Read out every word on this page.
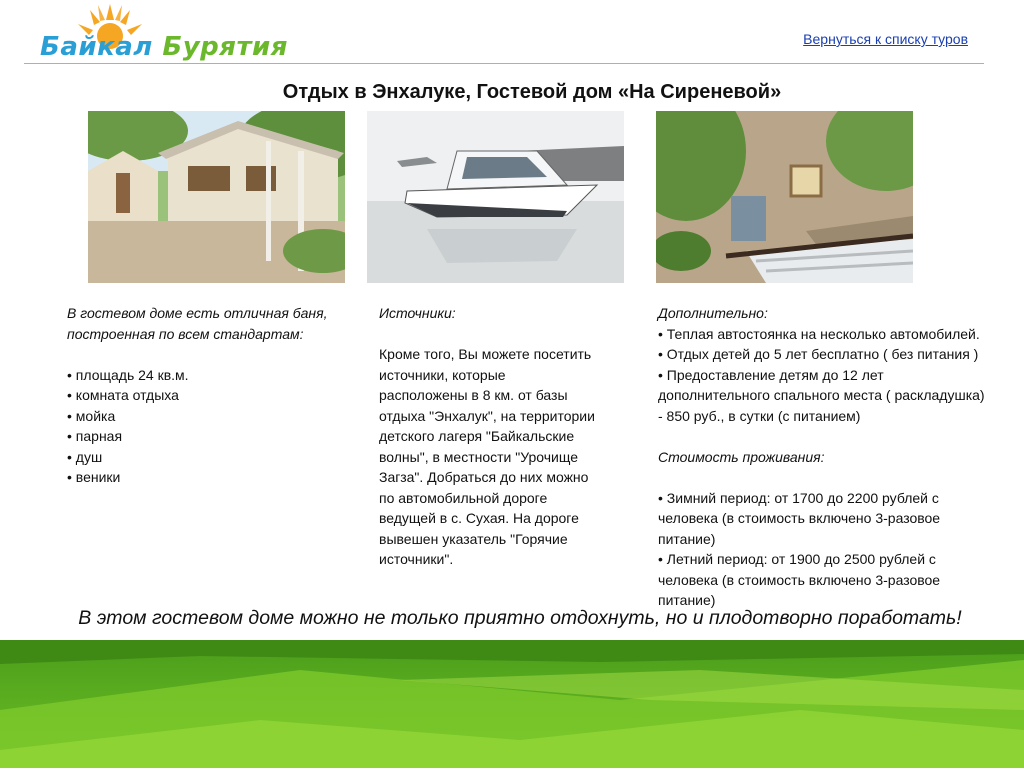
Байкал Бурятия	Вернуться к списку туров
Отдых в Энхалуке, Гостевой дом «На Сиреневой»

В гостевом доме есть отличная баня,

построенная по всем стандартам:

• площадь 24 кв.м.

• комната отдыха

• мойка

• парная

• душ

• веники

Источники:

Кроме того, Вы можете посетить

источники, которые

расположены в 8 км. от базы

отдыха "Энхалук", на территории

детского лагеря "Байкальские

волны", в местности "Урочище

Загза". Добраться до них можно

по автомобильной дороге

ведущей в с. Сухая. На дороге

вывешен указатель "Горячие

источники".

Дополнительно:

• Теплая автостоянка на несколько автомобилей.

• Отдых детей до 5 лет бесплатно ( без питания )

• Предоставление детям до 12 лет

дополнительного спального места ( раскладушка)

- 850 руб., в сутки (с питанием)

Стоимость проживания:

• Зимний период: от 1700 до 2200 рублей с

человека (в стоимость включено 3-разовое

питание)

• Летний период: от 1900 до 2500 рублей с

человека (в стоимость включено 3-разовое

питание)

В этом гостевом доме можно не только приятно отдохнуть, но и плодотворно поработать!
